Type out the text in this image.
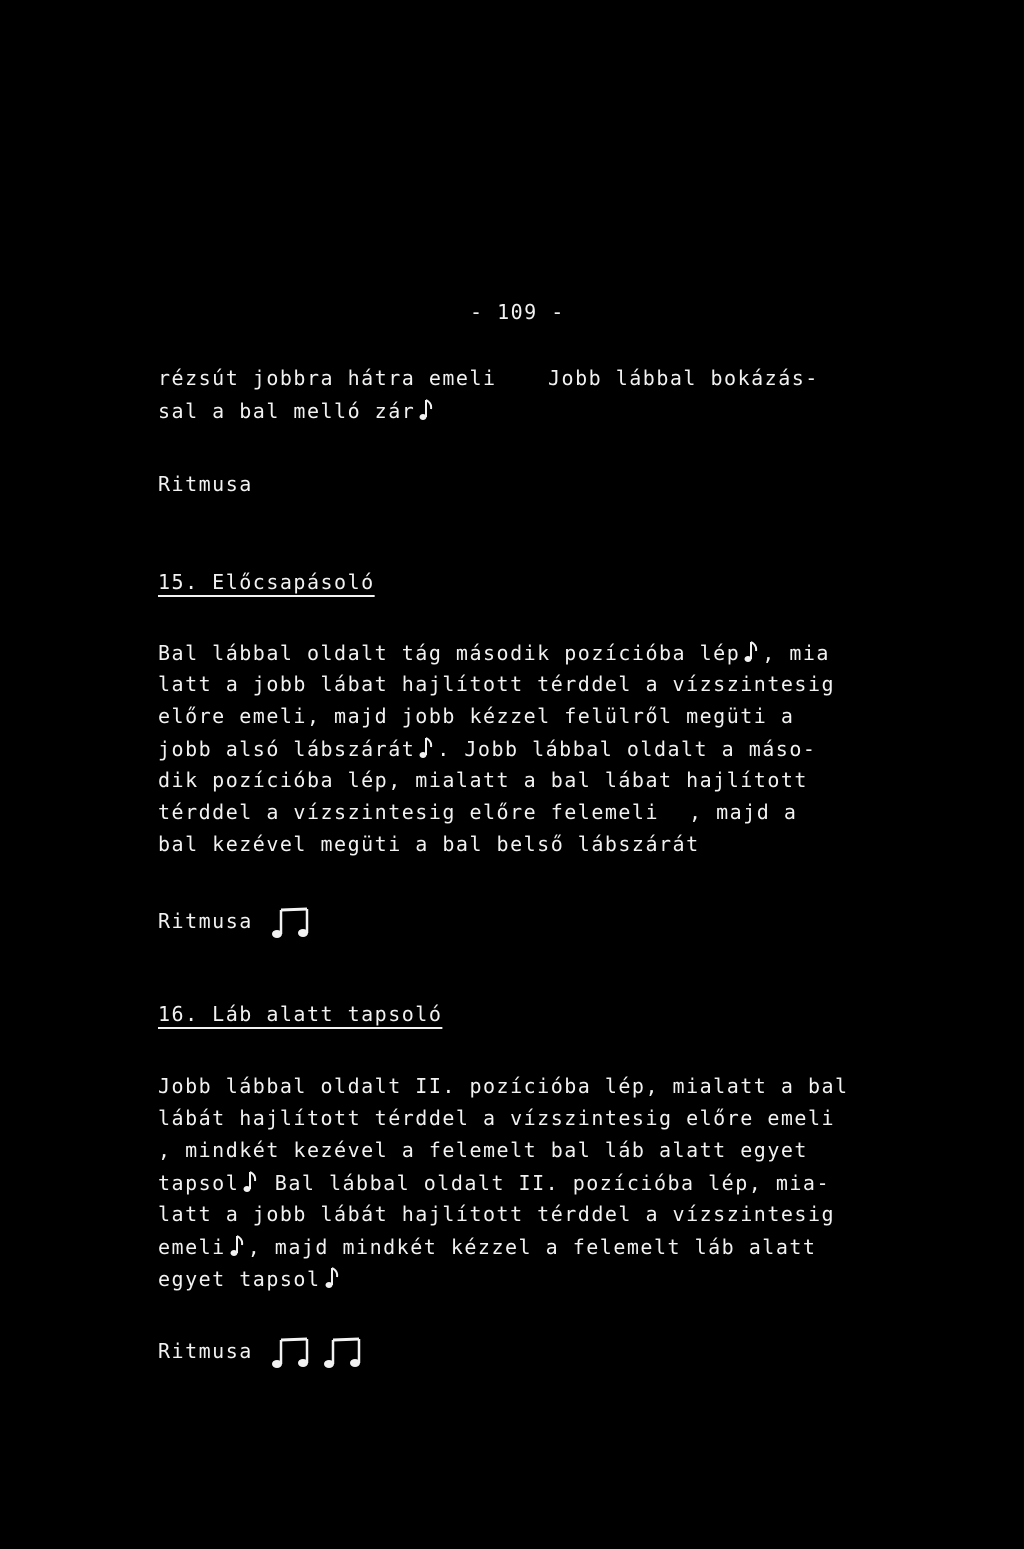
- 109 -
rézsút jobbra hátra emeli	Jobb lábbal bokázás-
sal a bal melló zár
Ritmusa
15. Előcsapásoló
Bal lábbal oldalt tág második pozícióba lép , mia
latt a jobb lábat hajlított térddel a vízszintesig
előre emeli, majd jobb kézzel felülről megüti a
jobb alsó lábszárát . Jobb lábbal oldalt a máso-
dik pozícióba lép, mialatt a bal lábat hajlított
térddel a vízszintesig előre felemeli , majd a
bal kezével megüti a bal belső lábszárát
Ritmusa
16. Láb alatt tapsoló
Jobb lábbal oldalt II. pozícióba lép, mialatt a bal
lábát hajlított térddel a vízszintesig előre emeli
, mindkét kezével a felemelt bal láb alatt egyet
tapsol Bal lábbal oldalt II. pozícióba lép, mia-
latt a jobb lábát hajlított térddel a vízszintesig
emeli , majd mindkét kézzel a felemelt láb alatt
egyet tapsol
Ritmusa
